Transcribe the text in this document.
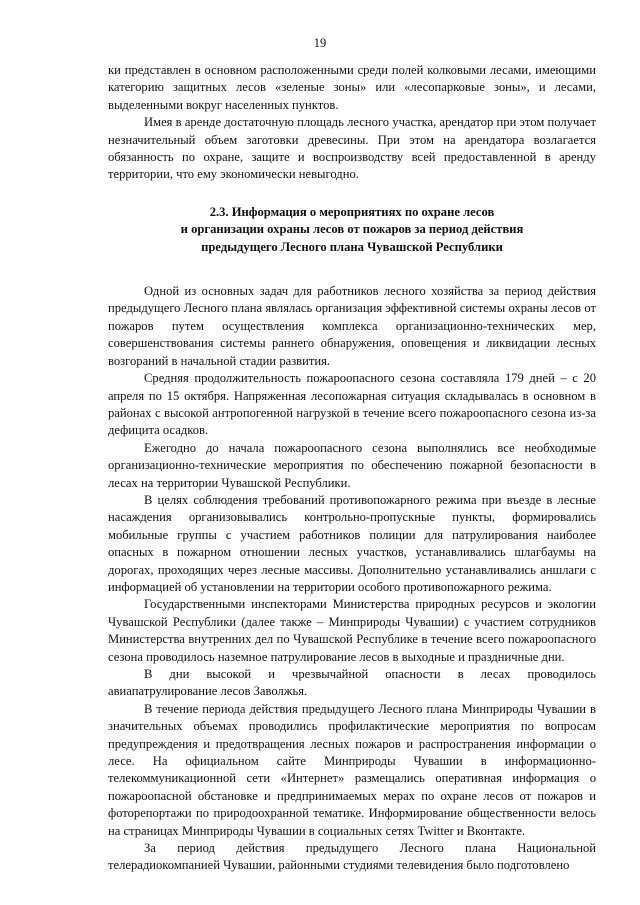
19

ки представлен в основном расположенными среди полей колковыми лесами, имеющими категорию защитных лесов «зеленые зоны» или «лесопарковые зоны», и лесами, выделенными вокруг населенных пунктов.

Имея в аренде достаточную площадь лесного участка, арендатор при этом получает незначительный объем заготовки древесины. При этом на арендатора возлагается обязанность по охране, защите и воспроизводству всей предоставленной в аренду территории, что ему экономически невыгодно.

2.3. Информация о мероприятиях по охране лесов
и организации охраны лесов от пожаров за период действия
предыдущего Лесного плана Чувашской Республики

Одной из основных задач для работников лесного хозяйства за период действия предыдущего Лесного плана являлась организация эффективной системы охраны лесов от пожаров путем осуществления комплекса организационно-технических мер, совершенствования системы раннего обнаружения, оповещения и ликвидации лесных возгораний в начальной стадии развития.

Средняя продолжительность пожароопасного сезона составляла 179 дней – с 20 апреля по 15 октября. Напряженная лесопожарная ситуация складывалась в основном в районах с высокой антропогенной нагрузкой в течение всего пожароопасного сезона из-за дефицита осадков.

Ежегодно до начала пожароопасного сезона выполнялись все необходимые организационно-технические мероприятия по обеспечению пожарной безопасности в лесах на территории Чувашской Республики.

В целях соблюдения требований противопожарного режима при въезде в лесные насаждения организовывались контрольно-пропускные пункты, формировались мобильные группы с участием работников полиции для патрулирования наиболее опасных в пожарном отношении лесных участков, устанавливались шлагбаумы на дорогах, проходящих через лесные массивы. Дополнительно устанавливались аншлаги с информацией об установлении на территории особого противопожарного режима.

Государственными инспекторами Министерства природных ресурсов и экологии Чувашской Республики (далее также – Минприроды Чувашии) с участием сотрудников Министерства внутренних дел по Чувашской Республике в течение всего пожароопасного сезона проводилось наземное патрулирование лесов в выходные и праздничные дни.

В дни высокой и чрезвычайной опасности в лесах проводилось авиапатрулирование лесов Заволжья.

В течение периода действия предыдущего Лесного плана Минприроды Чувашии в значительных объемах проводились профилактические мероприятия по вопросам предупреждения и предотвращения лесных пожаров и распространения информации о лесе. На официальном сайте Минприроды Чувашии в информационно-телекоммуникационной сети «Интернет» размещались оперативная информация о пожароопасной обстановке и предпринимаемых мерах по охране лесов от пожаров и фоторепортажи по природоохранной тематике. Информирование общественности велось на страницах Минприроды Чувашии в социальных сетях Twitter и Вконтакте.

За период действия предыдущего Лесного плана Национальной телерадиокомпанией Чувашии, районными студиями телевидения было подготовлено
